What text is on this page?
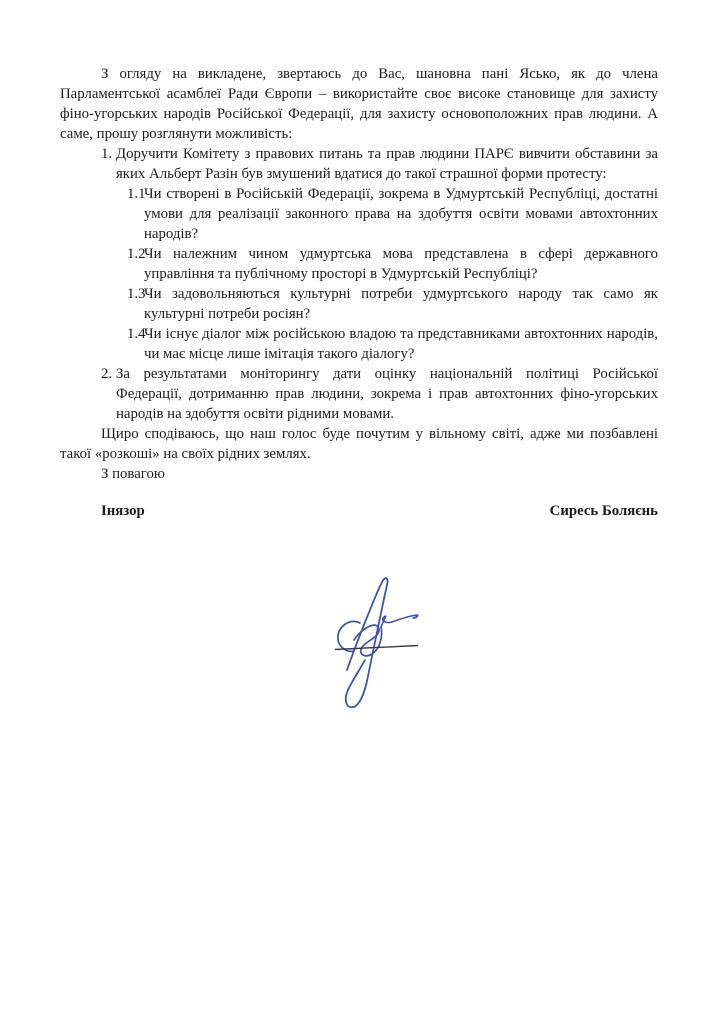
З огляду на викладене, звертаюсь до Вас, шановна пані Ясько, як до члена Парламентської асамблеї Ради Європи – використайте своє високе становище для захисту фіно-угорських народів Російської Федерації, для захисту основоположних прав людини. А саме, прошу розглянути можливість:

1. Доручити Комітету з правових питань та прав людини ПАРЄ вивчити обставини за яких Альберт Разін був змушений вдатися до такої страшної форми протесту:
1.1
Чи створені в Російській Федерації, зокрема в Удмуртській Республіці, достатні умови для реалізації законного права на здобуття освіти мовами автохтонних народів?
1.2
Чи належним чином удмуртська мова представлена в сфері державного управління та публічному просторі в Удмуртській Республіці?
1.3
Чи задовольняються культурні потреби удмуртського народу так само як культурні потреби росіян?
1.4
Чи існує діалог між російською владою та представниками автохтонних народів, чи має місце лише імітація такого діалогу?
2. За результатами моніторингу дати оцінку національній політиці Російської Федерації, дотриманню прав людини, зокрема і прав автохтонних фіно-угорських народів на здобуття освіти рідними мовами.

Щиро сподіваюсь, що наш голос буде почутим у вільному світі, адже ми позбавлені такої «розкоші» на своїх рідних землях.

З повагою

Інязор	Сиресь Боляєнь
